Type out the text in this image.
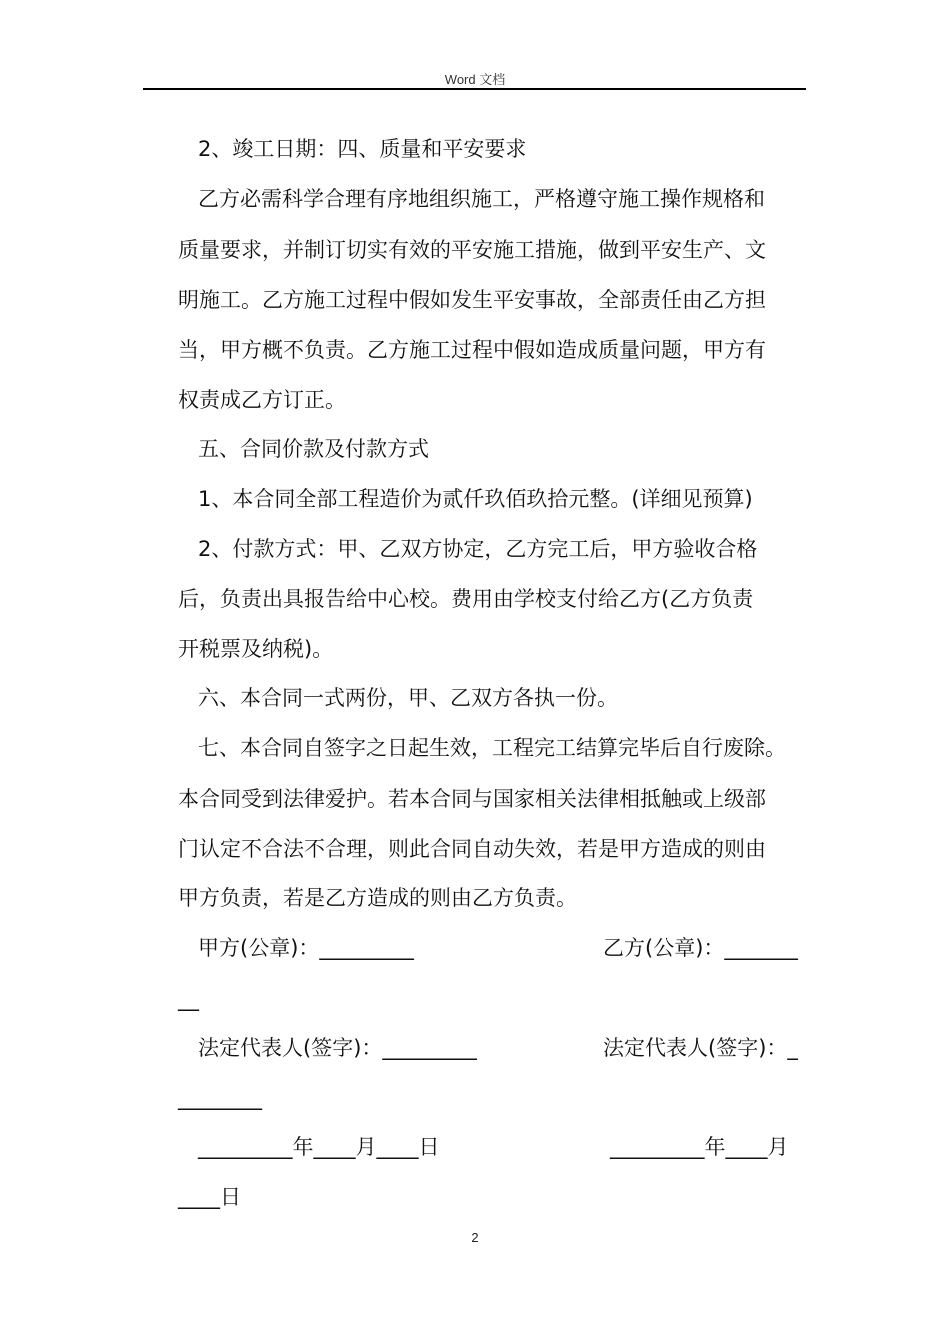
Word 文档
2、竣工日期：四、质量和平安要求
乙方必需科学合理有序地组织施工，严格遵守施工操作规格和
质量要求，并制订切实有效的平安施工措施，做到平安生产、文
明施工。乙方施工过程中假如发生平安事故，全部责任由乙方担
当，甲方概不负责。乙方施工过程中假如造成质量问题，甲方有
权责成乙方订正。
五、合同价款及付款方式
1、本合同全部工程造价为贰仟玖佰玖拾元整。(详细见预算)
2、付款方式：甲、乙双方协定，乙方完工后，甲方验收合格
后，负责出具报告给中心校。费用由学校支付给乙方(乙方负责
开税票及纳税)。
六、本合同一式两份，甲、乙双方各执一份。
七、本合同自签字之日起生效，工程完工结算完毕后自行废除。
本合同受到法律爱护。若本合同与国家相关法律相抵触或上级部
门认定不合法不合理，则此合同自动失效，若是甲方造成的则由
甲方负责，若是乙方造成的则由乙方负责。
甲方(公章)：_________	乙方(公章)：_______
__
法定代表人(签字)：_________	法定代表人(签字)：_
________
_________年____月____日	_________年____月
____日
2
